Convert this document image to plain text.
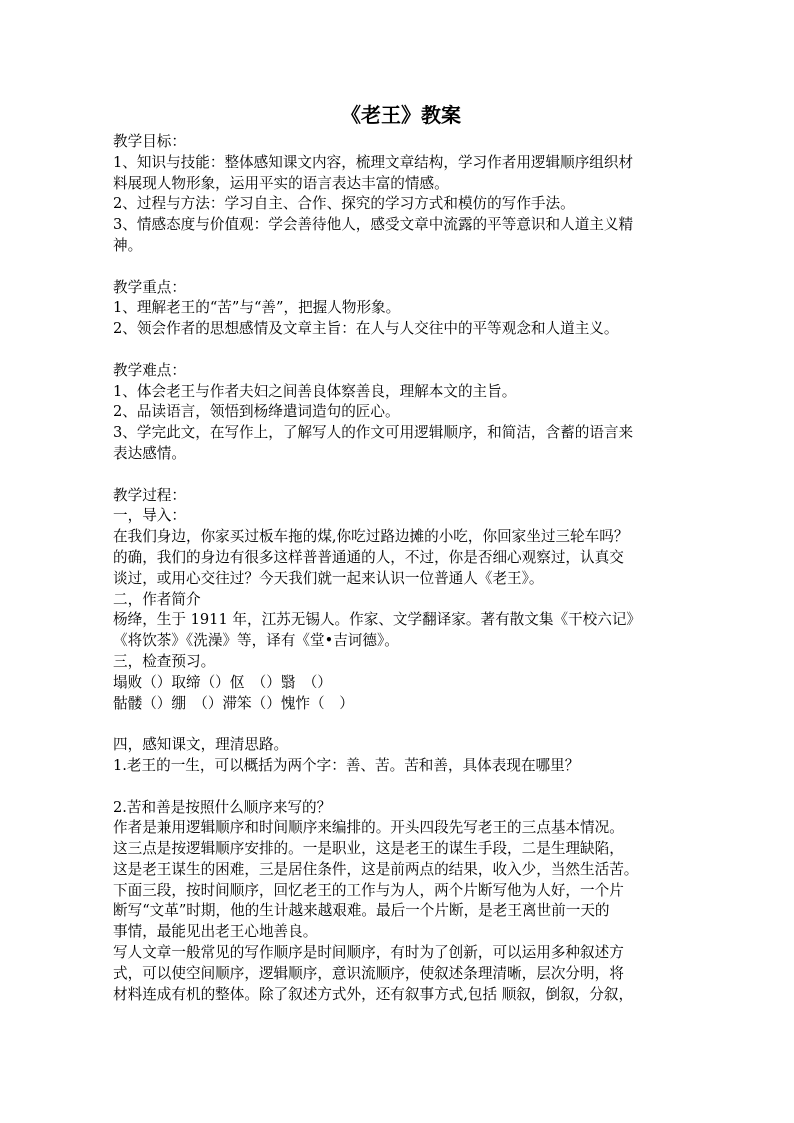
《老王》教案
教学目标：
1、知识与技能：整体感知课文内容，梳理文章结构，学习作者用逻辑顺序组织材
料展现人物形象，运用平实的语言表达丰富的情感。
2、过程与方法：学习自主、合作、探究的学习方式和模仿的写作手法。
3、情感态度与价值观：学会善待他人，感受文章中流露的平等意识和人道主义精
神。
教学重点：
1、理解老王的“苦”与“善”，把握人物形象。
2、领会作者的思想感情及文章主旨：在人与人交往中的平等观念和人道主义。
教学难点：
1、体会老王与作者夫妇之间善良体察善良，理解本文的主旨。
2、品读语言，领悟到杨绛遣词造句的匠心。
3、学完此文，在写作上，了解写人的作文可用逻辑顺序，和简洁，含蓄的语言来
表达感情。
教学过程：
一，导入：
在我们身边，你家买过板车拖的煤,你吃过路边摊的小吃，你回家坐过三轮车吗？
的确，我们的身边有很多这样普普通通的人，不过，你是否细心观察过，认真交
谈过，或用心交往过？今天我们就一起来认识一位普通人《老王》。
二，作者简介
杨绛，生于 1911 年，江苏无锡人。作家、文学翻译家。著有散文集《干校六记》
《将饮茶》《洗澡》等，译有《堂•吉诃德》。
三，检查预习。
塌败（）取缔（）伛　（）翳　（）
骷髅（）绷　（）滞笨（）愧怍（　）
四，感知课文，理清思路。
1.老王的一生，可以概括为两个字：善、苦。苦和善，具体表现在哪里？
2.苦和善是按照什么顺序来写的？
作者是兼用逻辑顺序和时间顺序来编排的。开头四段先写老王的三点基本情况。
这三点是按逻辑顺序安排的。一是职业，这是老王的谋生手段，二是生理缺陷，
这是老王谋生的困难，三是居住条件，这是前两点的结果，收入少，当然生活苦。
下面三段，按时间顺序，回忆老王的工作与为人，两个片断写他为人好，一个片
断写“文革”时期，他的生计越来越艰难。最后一个片断，是老王离世前一天的
事情，最能见出老王心地善良。
写人文章一般常见的写作顺序是时间顺序，有时为了创新，可以运用多种叙述方
式，可以使空间顺序，逻辑顺序，意识流顺序，使叙述条理清晰，层次分明，将
材料连成有机的整体。除了叙述方式外，还有叙事方式,包括 顺叙，倒叙，分叙，
